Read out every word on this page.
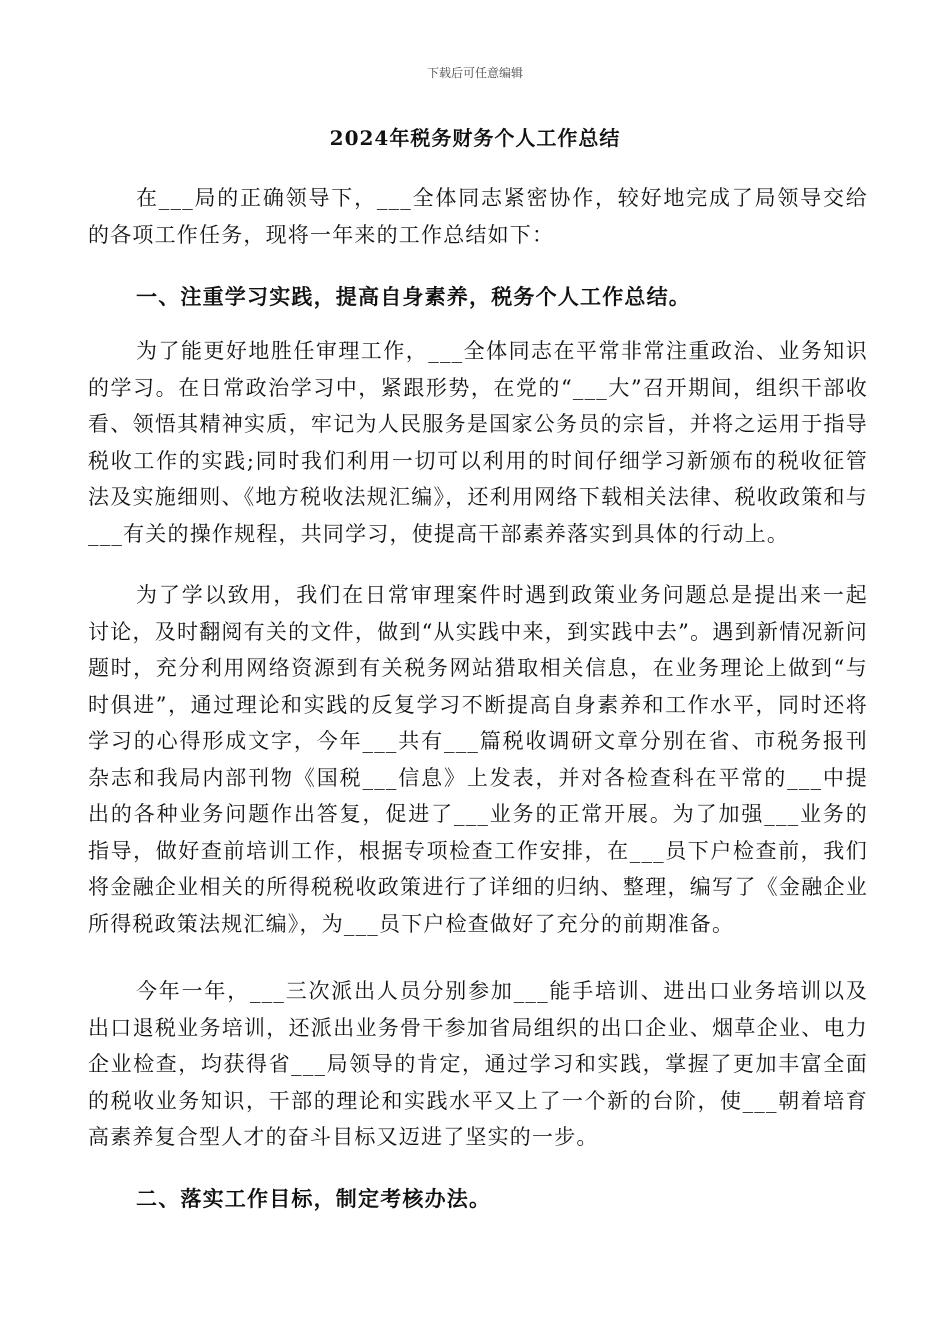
下载后可任意编辑
2024年税务财务个人工作总结

在___局的正确领导下，___全体同志紧密协作，较好地完成了局领导交给的各项工作任务，现将一年来的工作总结如下：

一、注重学习实践，提高自身素养，税务个人工作总结。

为了能更好地胜任审理工作，___全体同志在平常非常注重政治、业务知识的学习。在日常政治学习中，紧跟形势，在党的“___大”召开期间，组织干部收看、领悟其精神实质，牢记为人民服务是国家公务员的宗旨，并将之运用于指导税收工作的实践;同时我们利用一切可以利用的时间仔细学习新颁布的税收征管法及实施细则、《地方税收法规汇编》，还利用网络下载相关法律、税收政策和与___有关的操作规程，共同学习，使提高干部素养落实到具体的行动上。

为了学以致用，我们在日常审理案件时遇到政策业务问题总是提出来一起讨论，及时翻阅有关的文件，做到“从实践中来，到实践中去”。遇到新情况新问题时，充分利用网络资源到有关税务网站猎取相关信息，在业务理论上做到“与时俱进”，通过理论和实践的反复学习不断提高自身素养和工作水平，同时还将学习的心得形成文字，今年___共有___篇税收调研文章分别在省、市税务报刊杂志和我局内部刊物《国税___信息》上发表，并对各检查科在平常的___中提出的各种业务问题作出答复，促进了___业务的正常开展。为了加强___业务的指导，做好查前培训工作，根据专项检查工作安排，在___员下户检查前，我们将金融企业相关的所得税税收政策进行了详细的归纳、整理，编写了《金融企业所得税政策法规汇编》，为___员下户检查做好了充分的前期准备。

今年一年，___三次派出人员分别参加___能手培训、进出口业务培训以及出口退税业务培训，还派出业务骨干参加省局组织的出口企业、烟草企业、电力企业检查，均获得省___局领导的肯定，通过学习和实践，掌握了更加丰富全面的税收业务知识，干部的理论和实践水平又上了一个新的台阶，使___朝着培育高素养复合型人才的奋斗目标又迈进了坚实的一步。

二、落实工作目标，制定考核办法。
